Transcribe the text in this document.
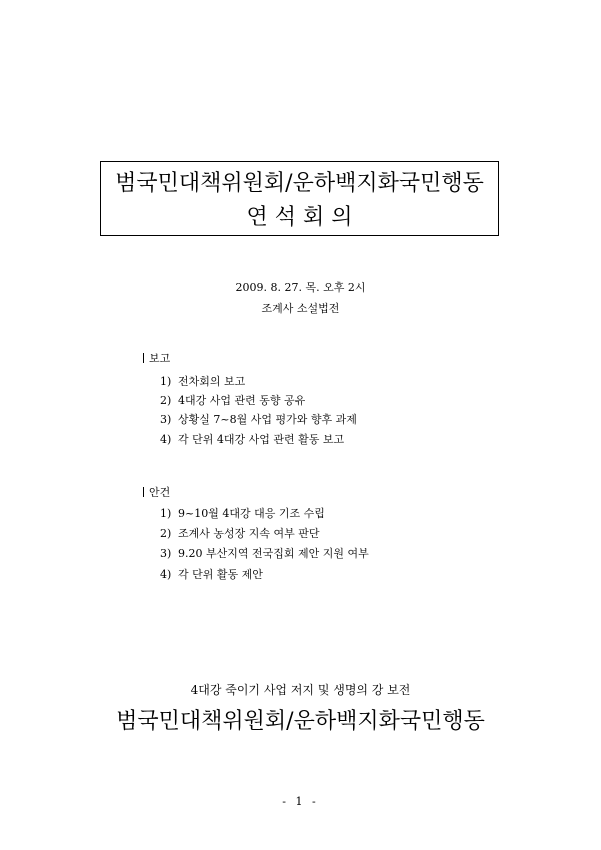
범국민대책위원회/운하백지화국민행동
연 석 회 의
2009. 8. 27. 목. 오후 2시
조계사 소설법전
보고
1) 전차회의 보고
2) 4대강 사업 관련 동향 공유
3) 상황실 7~8월 사업 평가와 향후 과제
4) 각 단위 4대강 사업 관련 활동 보고
안건
1) 9~10월 4대강 대응 기조 수립
2) 조계사 농성장 지속 여부 판단
3) 9.20 부산지역 전국집회 제안 지원 여부
4) 각 단위 활동 제안
4대강 죽이기 사업 저지 및 생명의 강 보전
범국민대책위원회/운하백지화국민행동
- 1 -
